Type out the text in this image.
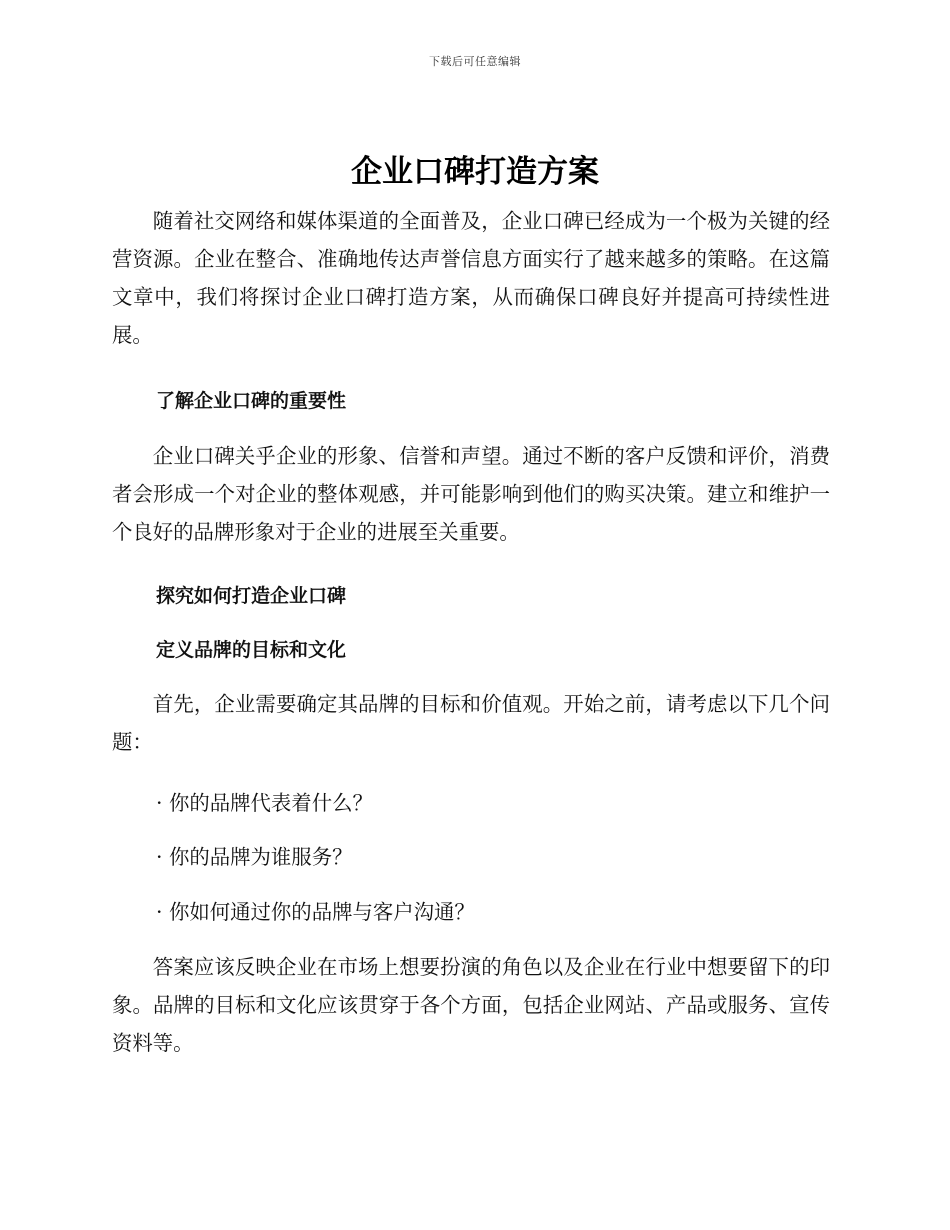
下载后可任意编辑
企业口碑打造方案

随着社交网络和媒体渠道的全面普及，企业口碑已经成为一个极为关键的经营资源。企业在整合、准确地传达声誉信息方面实行了越来越多的策略。在这篇文章中，我们将探讨企业口碑打造方案，从而确保口碑良好并提高可持续性进展。

了解企业口碑的重要性

企业口碑关乎企业的形象、信誉和声望。通过不断的客户反馈和评价，消费者会形成一个对企业的整体观感，并可能影响到他们的购买决策。建立和维护一个良好的品牌形象对于企业的进展至关重要。

探究如何打造企业口碑

定义品牌的目标和文化

首先，企业需要确定其品牌的目标和价值观。开始之前，请考虑以下几个问题：

· 你的品牌代表着什么？

· 你的品牌为谁服务？

· 你如何通过你的品牌与客户沟通？

答案应该反映企业在市场上想要扮演的角色以及企业在行业中想要留下的印象。品牌的目标和文化应该贯穿于各个方面，包括企业网站、产品或服务、宣传资料等。
